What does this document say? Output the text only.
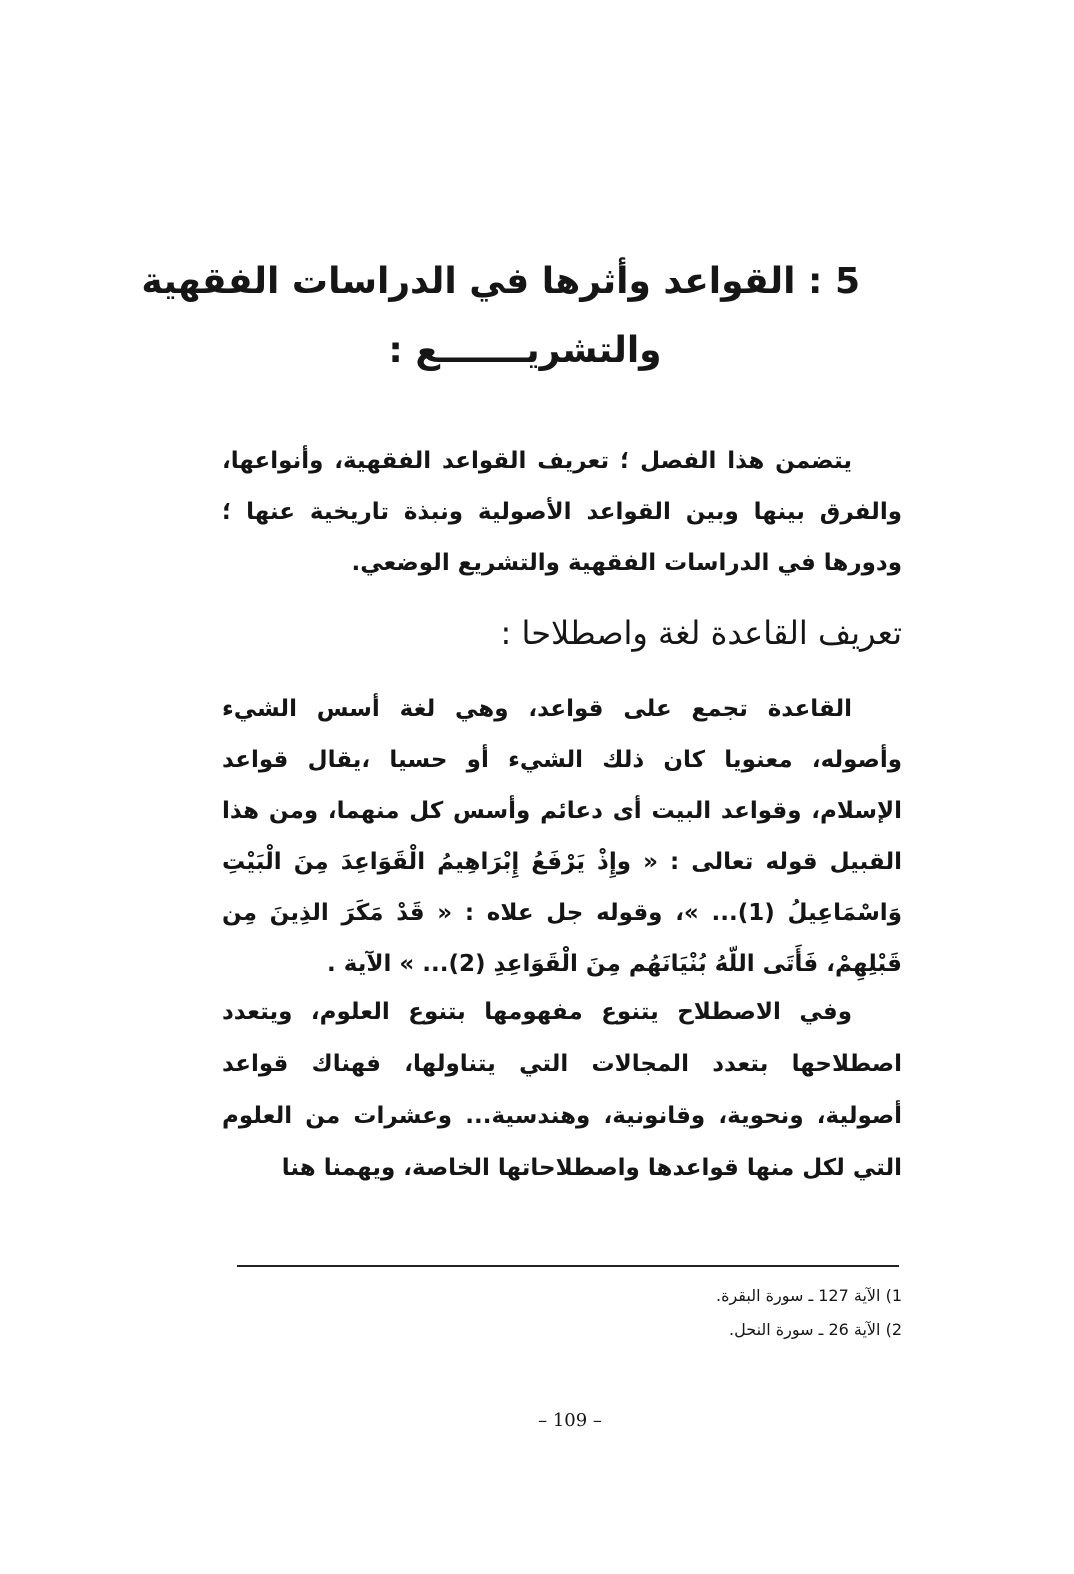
5 : القواعد وأثرها في الدراسات الفقهية
والتشريـــــــع :
يتضمن هذا الفصل ؛ تعريف القواعد الفقهية، وأنواعها، والفرق بينها وبين القواعد الأصولية ونبذة تاريخية عنها ؛ ودورها في الدراسات الفقهية والتشريع الوضعي.
تعريف القاعدة لغة واصطلاحا :
القاعدة تجمع على قواعد، وهي لغة أسس الشيء وأصوله، معنويا كان ذلك الشيء أو حسيا ،يقال قواعد الإسلام، وقواعد البيت أى دعائم وأسس كل منهما، ومن هذا القبيل قوله تعالى : « وإِذْ يَرْفَعُ إِبْرَاهِيمُ الْقَوَاعِدَ مِنَ الْبَيْتِ وَاسْمَاعِيلُ (1)... »، وقوله جل علاه : « قَدْ مَكَرَ الذِينَ مِن قَبْلِهِمْ، فَأَتَى اللّهُ بُنْيَانَهُم مِنَ الْقَوَاعِدِ (2)... » الآية .
وفي الاصطلاح يتنوع مفهومها بتنوع العلوم، ويتعدد اصطلاحها بتعدد المجالات التي يتناولها، فهناك قواعد أصولية، ونحوية، وقانونية، وهندسية... وعشرات من العلوم التي لكل منها قواعدها واصطلاحاتها الخاصة، ويهمنا هنا
1) الآية 127 ـ سورة البقرة.
2) الآية 26 ـ سورة النحل.
– 109 –
